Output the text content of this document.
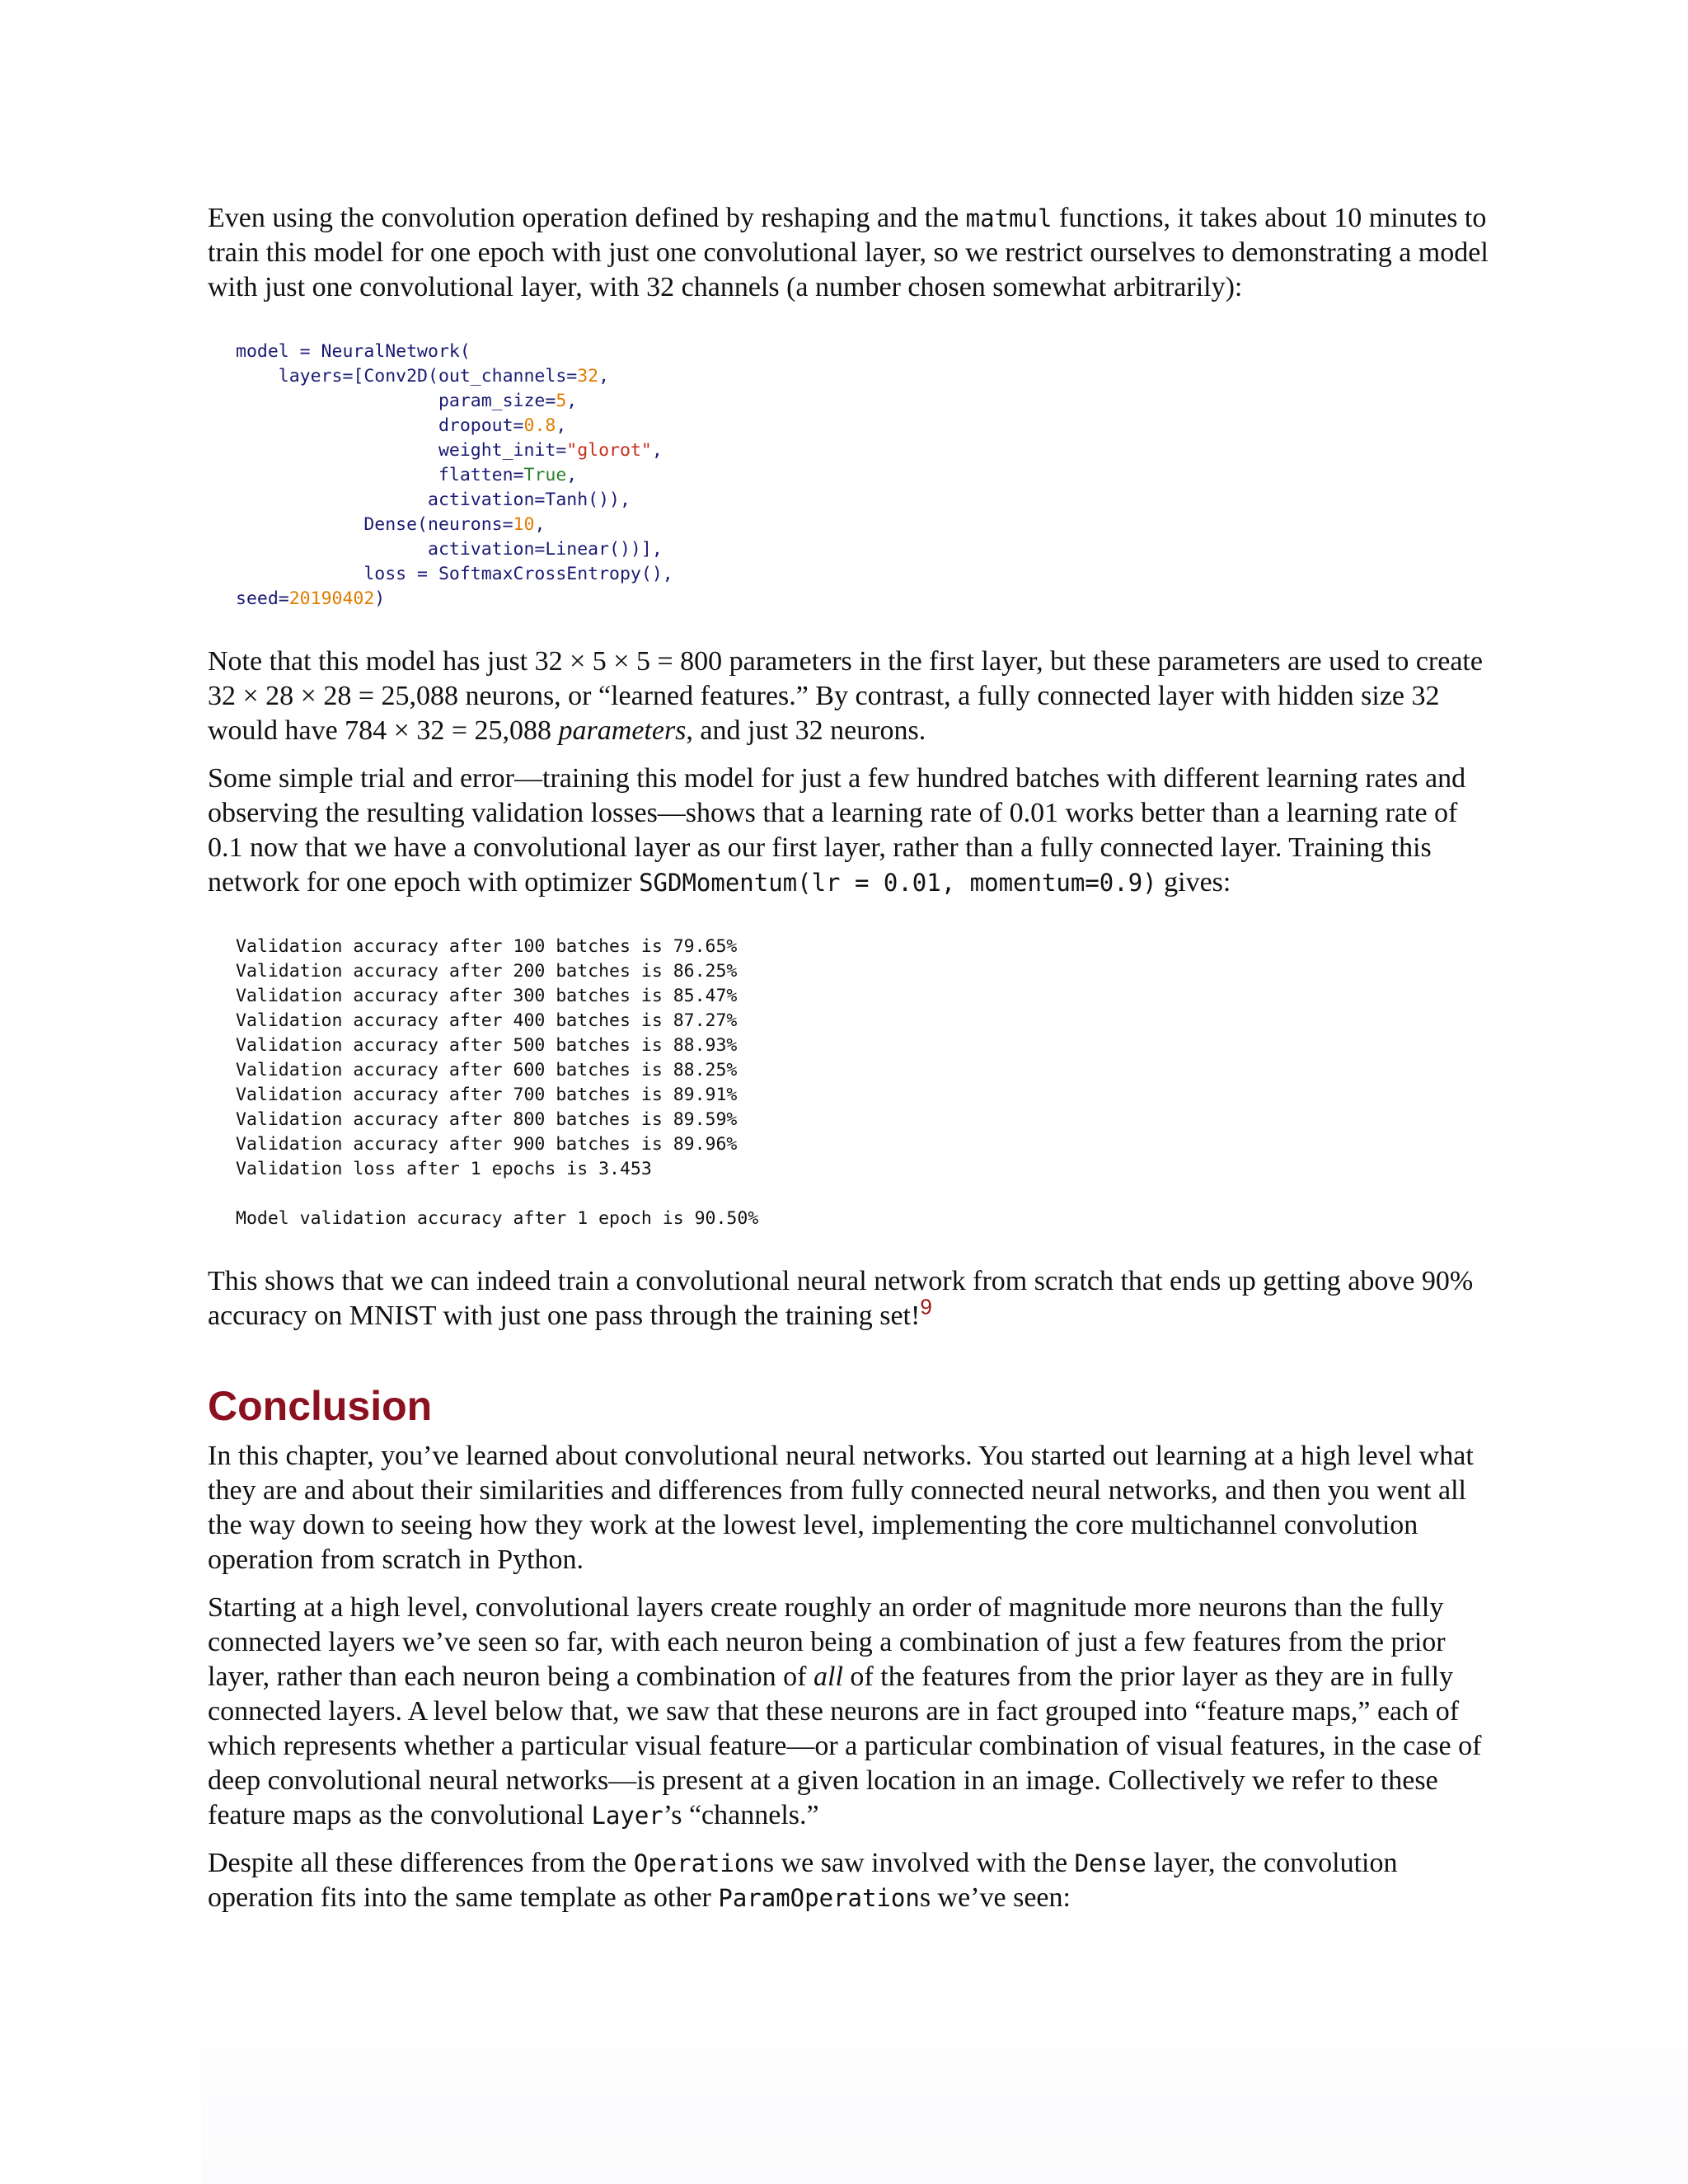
Even using the convolution operation defined by reshaping and the matmul functions, it takes about 10 minutes to train this model for one epoch with just one convolutional layer, so we restrict ourselves to demonstrating a model with just one convolutional layer, with 32 channels (a number chosen somewhat arbitrarily):

model = NeuralNetwork(
layers=[Conv2D(out_channels=32,
param_size=5,
dropout=0.8,
weight_init="glorot",
flatten=True,
activation=Tanh()),
Dense(neurons=10,
activation=Linear())],
loss = SoftmaxCrossEntropy(),
seed=20190402)

Note that this model has just 32 × 5 × 5 = 800 parameters in the first layer, but these parameters are used to create 32 × 28 × 28 = 25,088 neurons, or “learned features.” By contrast, a fully connected layer with hidden size 32 would have 784 × 32 = 25,088 parameters, and just 32 neurons.

Some simple trial and error—training this model for just a few hundred batches with different learning rates and observing the resulting validation losses—shows that a learning rate of 0.01 works better than a learning rate of 0.1 now that we have a convolutional layer as our first layer, rather than a fully connected layer. Training this network for one epoch with optimizer SGDMomentum(lr = 0.01, momentum=0.9) gives:

Validation accuracy after 100 batches is 79.65%
Validation accuracy after 200 batches is 86.25%
Validation accuracy after 300 batches is 85.47%
Validation accuracy after 400 batches is 87.27%
Validation accuracy after 500 batches is 88.93%
Validation accuracy after 600 batches is 88.25%
Validation accuracy after 700 batches is 89.91%
Validation accuracy after 800 batches is 89.59%
Validation accuracy after 900 batches is 89.96%
Validation loss after 1 epochs is 3.453

Model validation accuracy after 1 epoch is 90.50%

This shows that we can indeed train a convolutional neural network from scratch that ends up getting above 90% accuracy on MNIST with just one pass through the training set!$^9$

Conclusion

In this chapter, you’ve learned about convolutional neural networks. You started out learning at a high level what they are and about their similarities and differences from fully connected neural networks, and then you went all the way down to seeing how they work at the lowest level, implementing the core multichannel convolution operation from scratch in Python.

Starting at a high level, convolutional layers create roughly an order of magnitude more neurons than the fully connected layers we’ve seen so far, with each neuron being a combination of just a few features from the prior layer, rather than each neuron being a combination of all of the features from the prior layer as they are in fully connected layers. A level below that, we saw that these neurons are in fact grouped into “feature maps,” each of which represents whether a particular visual feature—or a particular combination of visual features, in the case of deep convolutional neural networks—is present at a given location in an image. Collectively we refer to these feature maps as the convolutional Layer’s “channels.”

Despite all these differences from the Operations we saw involved with the Dense layer, the convolution operation fits into the same template as other ParamOperations we’ve seen:
